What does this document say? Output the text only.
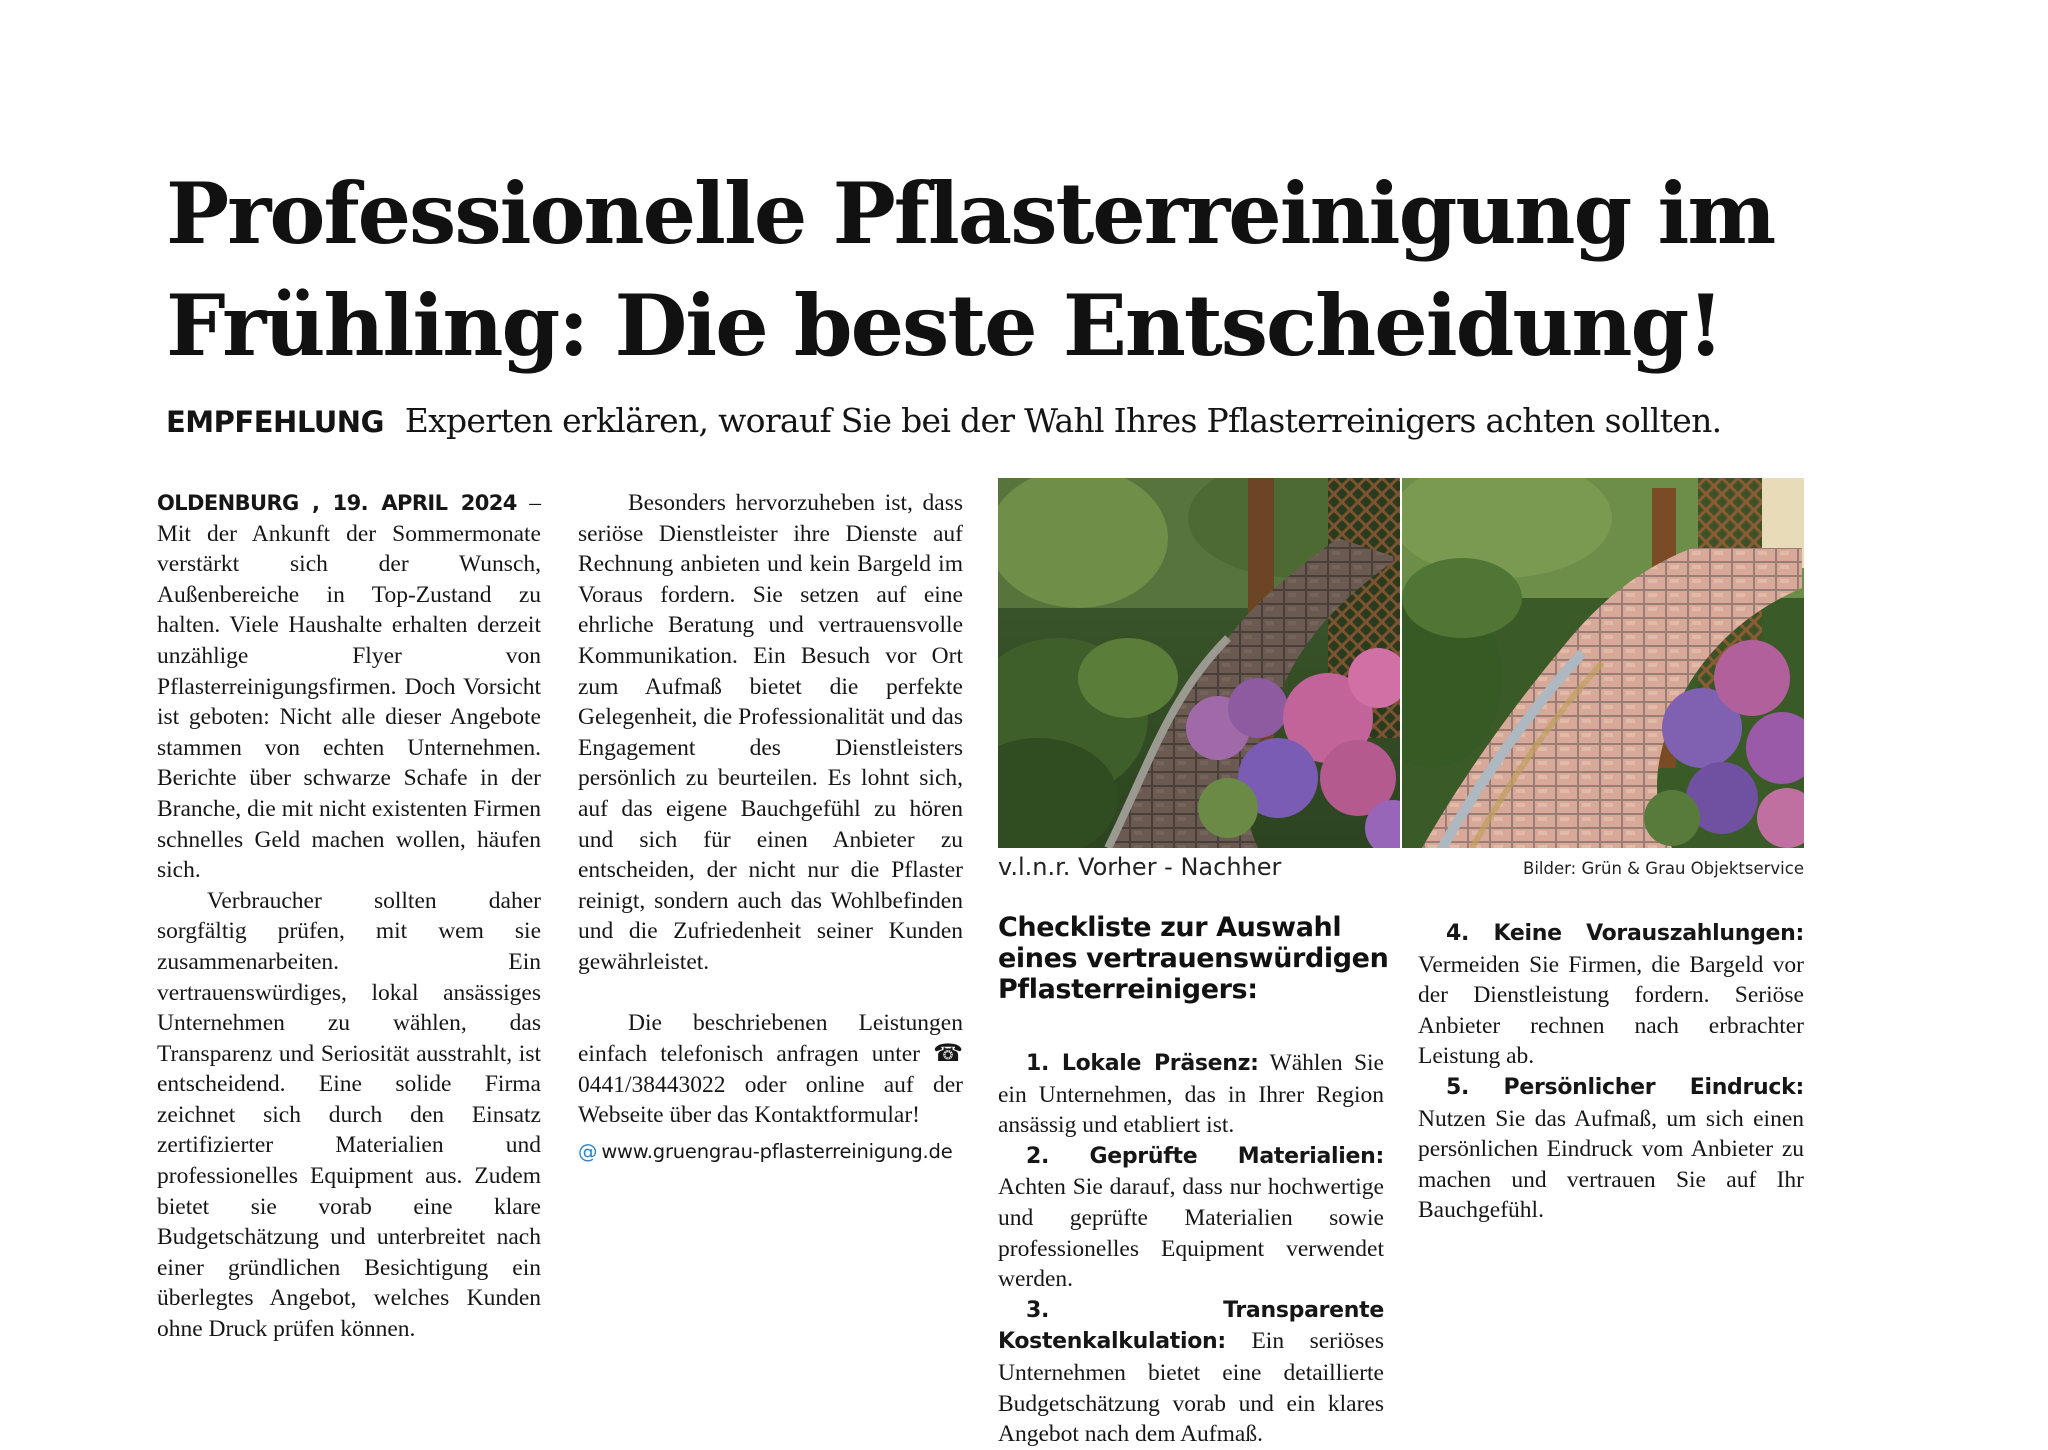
Professionelle Pflasterreinigung im Frühling: Die beste Entscheidung!
EMPFEHLUNG Experten erklären, worauf Sie bei der Wahl Ihres Pflasterreinigers achten sollten.

OLDENBURG , 19. APRIL 2024 – Mit der Ankunft der Sommermonate verstärkt sich der Wunsch, Außenbereiche in Top-Zustand zu halten. Viele Haushalte erhalten derzeit unzählige Flyer von Pflasterreinigungsfirmen. Doch Vorsicht ist geboten: Nicht alle dieser Angebote stammen von echten Unternehmen. Berichte über schwarze Schafe in der Branche, die mit nicht existenten Firmen schnelles Geld machen wollen, häufen sich.

Verbraucher sollten daher sorgfältig prüfen, mit wem sie zusammenarbeiten. Ein vertrauenswürdiges, lokal ansässiges Unternehmen zu wählen, das Transparenz und Seriosität ausstrahlt, ist entscheidend. Eine solide Firma zeichnet sich durch den Einsatz zertifizierter Materialien und professionelles Equipment aus. Zudem bietet sie vorab eine klare Budgetschätzung und unterbreitet nach einer gründlichen Besichtigung ein überlegtes Angebot, welches Kunden ohne Druck prüfen können.

Besonders hervorzuheben ist, dass seriöse Dienstleister ihre Dienste auf Rechnung anbieten und kein Bargeld im Voraus fordern. Sie setzen auf eine ehrliche Beratung und vertrauensvolle Kommunikation. Ein Besuch vor Ort zum Aufmaß bietet die perfekte Gelegenheit, die Professionalität und das Engagement des Dienstleisters persönlich zu beurteilen. Es lohnt sich, auf das eigene Bauchgefühl zu hören und sich für einen Anbieter zu entscheiden, der nicht nur die Pflaster reinigt, sondern auch das Wohlbefinden und die Zufriedenheit seiner Kunden gewährleistet.

Die beschriebenen Leistungen einfach telefonisch anfragen unter ☎ 0441/38443022 oder online auf der Webseite über das Kontaktformular!

@ www.gruengrau-pflasterreinigung.de
v.l.n.r. Vorher - Nachher	Bilder: Grün & Grau Objektservice
Checkliste zur Auswahl eines vertrauenswürdigen Pflasterreinigers:

1. Lokale Präsenz: Wählen Sie ein Unternehmen, das in Ihrer Region ansässig und etabliert ist.

2. Geprüfte Materialien: Achten Sie darauf, dass nur hochwertige und geprüfte Materialien sowie professionelles Equipment verwendet werden.

3. Transparente Kostenkalkulation: Ein seriöses Unternehmen bietet eine detaillierte Budgetschätzung vorab und ein klares Angebot nach dem Aufmaß.

4. Keine Vorauszahlungen: Vermeiden Sie Firmen, die Bargeld vor der Dienstleistung fordern. Seriöse Anbieter rechnen nach erbrachter Leistung ab.

5. Persönlicher Eindruck: Nutzen Sie das Aufmaß, um sich einen persönlichen Eindruck vom Anbieter zu machen und vertrauen Sie auf Ihr Bauchgefühl.
